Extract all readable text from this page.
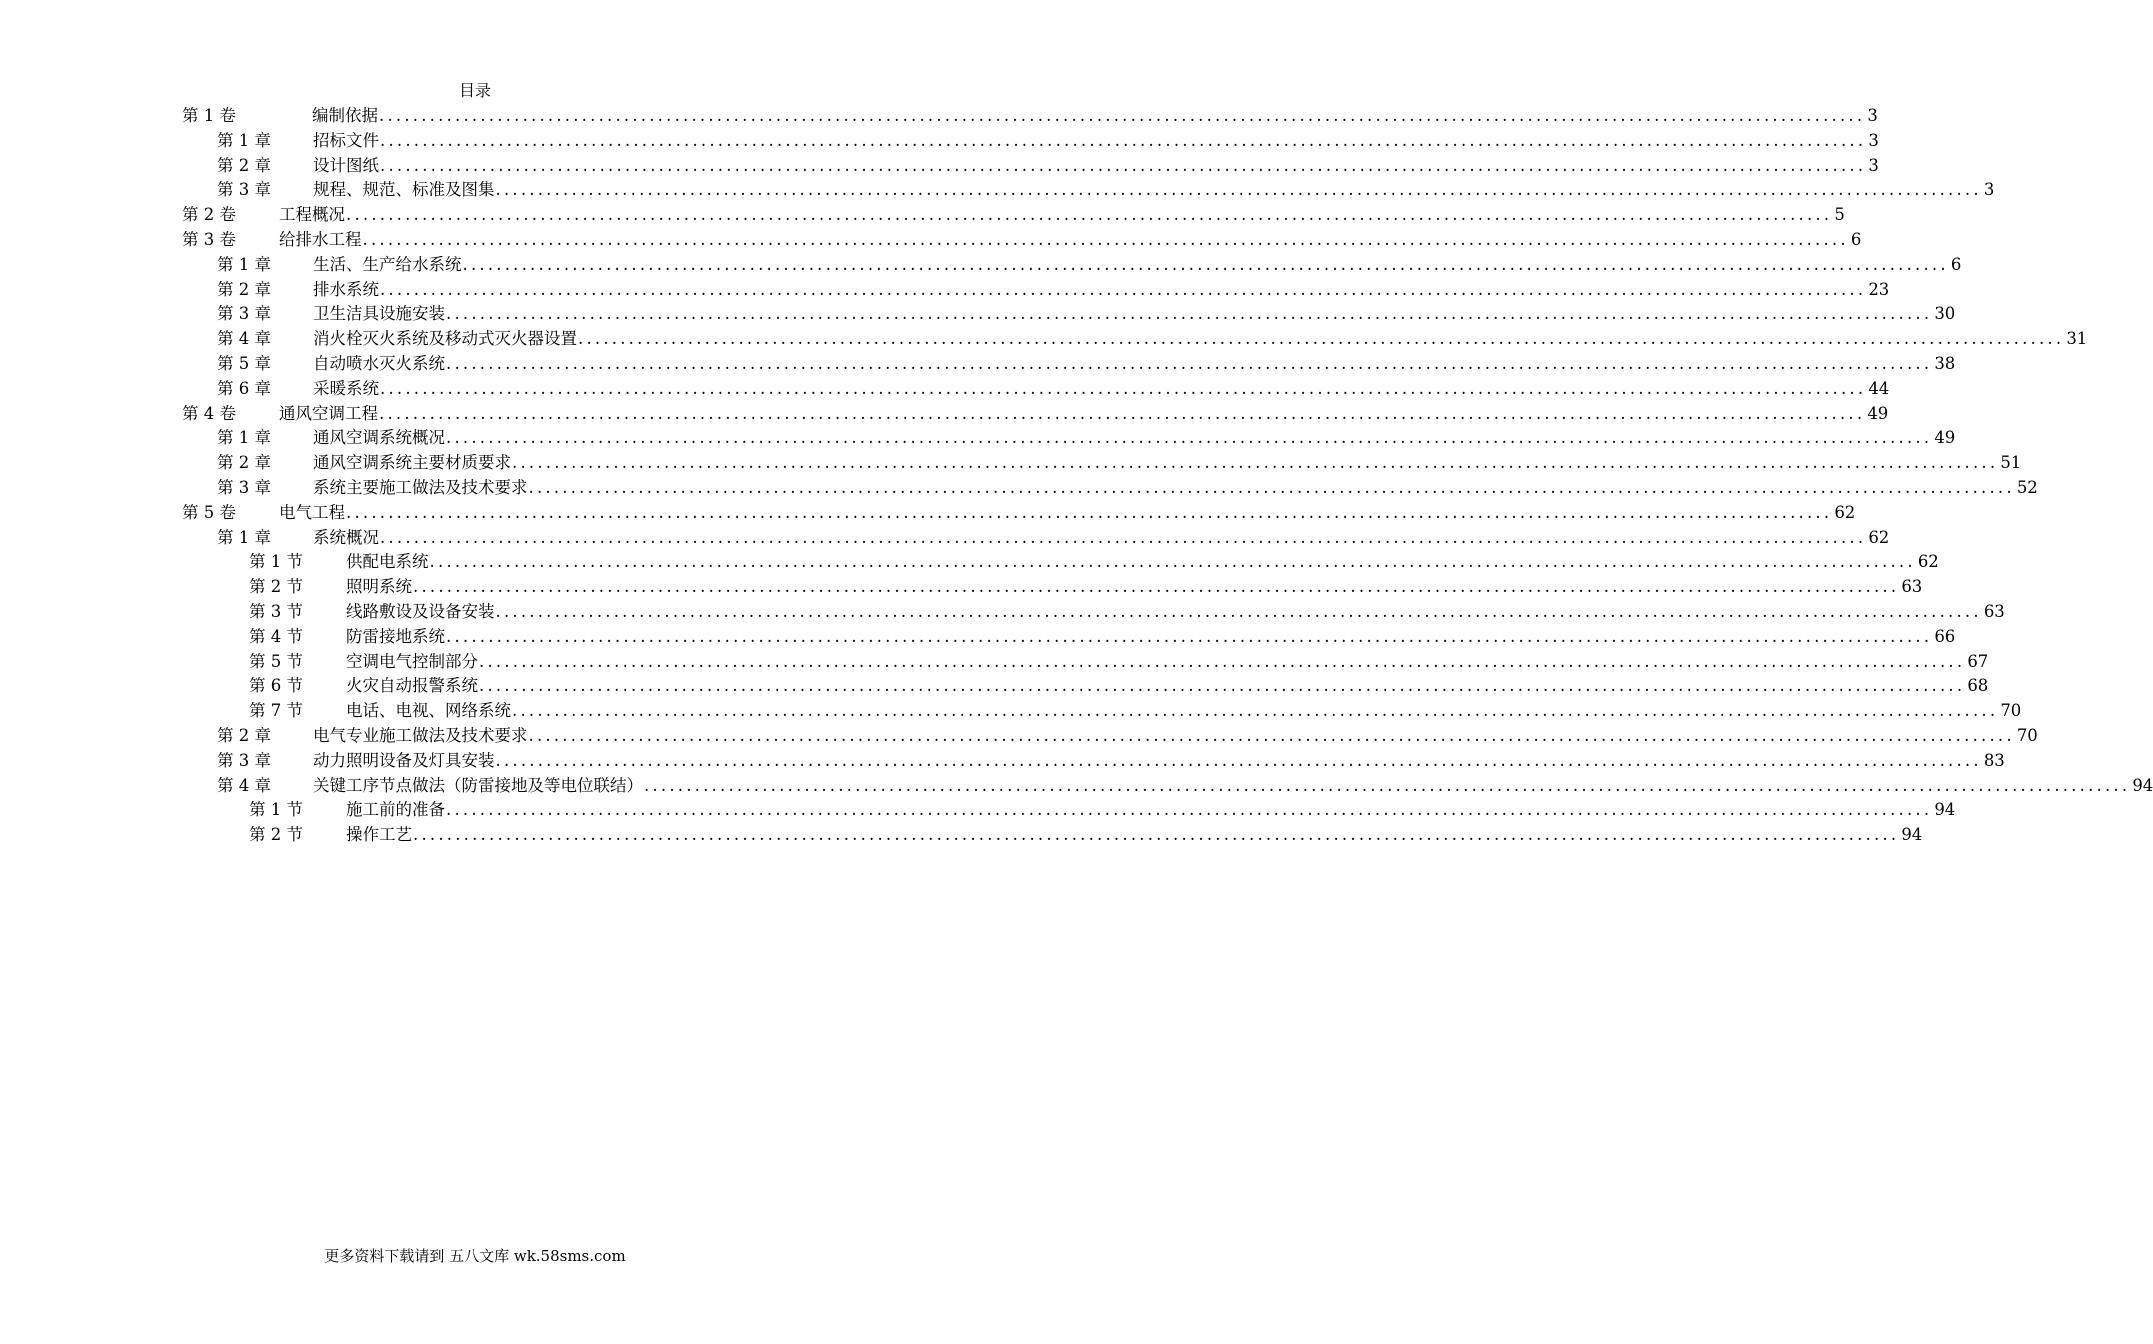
目录
第 1 卷	编制依据 ................................................................................................................................................................................ 3
第 1 章	招标文件 ................................................................................................................................................................................ 3
第 2 章	设计图纸 ................................................................................................................................................................................ 3
第 3 章	规程、规范、标准及图集 ................................................................................................................................................................................ 3
第 2 卷	工程概况 ................................................................................................................................................................................ 5
第 3 卷	给排水工程 ................................................................................................................................................................................ 6
第 1 章	生活、生产给水系统 ................................................................................................................................................................................ 6
第 2 章	排水系统 ................................................................................................................................................................................ 23
第 3 章	卫生洁具设施安装 ................................................................................................................................................................................ 30
第 4 章	消火栓灭火系统及移动式灭火器设置 ................................................................................................................................................................................ 31
第 5 章	自动喷水灭火系统 ................................................................................................................................................................................ 38
第 6 章	采暖系统 ................................................................................................................................................................................ 44
第 4 卷	通风空调工程 ................................................................................................................................................................................ 49
第 1 章	通风空调系统概况 ................................................................................................................................................................................ 49
第 2 章	通风空调系统主要材质要求 ................................................................................................................................................................................ 51
第 3 章	系统主要施工做法及技术要求 ................................................................................................................................................................................ 52
第 5 卷	电气工程 ................................................................................................................................................................................ 62
第 1 章	系统概况 ................................................................................................................................................................................ 62
第 1 节	供配电系统 ................................................................................................................................................................................ 62
第 2 节	照明系统 ................................................................................................................................................................................ 63
第 3 节	线路敷设及设备安装 ................................................................................................................................................................................ 63
第 4 节	防雷接地系统 ................................................................................................................................................................................ 66
第 5 节	空调电气控制部分 ................................................................................................................................................................................ 67
第 6 节	火灾自动报警系统 ................................................................................................................................................................................ 68
第 7 节	电话、电视、网络系统 ................................................................................................................................................................................ 70
第 2 章	电气专业施工做法及技术要求 ................................................................................................................................................................................ 70
第 3 章	动力照明设备及灯具安装 ................................................................................................................................................................................ 83
第 4 章	关键工序节点做法（防雷接地及等电位联结） ................................................................................................................................................................................ 94
第 1 节	施工前的准备 ................................................................................................................................................................................ 94
第 2 节	操作工艺 ................................................................................................................................................................................ 94
更多资料下载请到 五八文库 wk.58sms.com
